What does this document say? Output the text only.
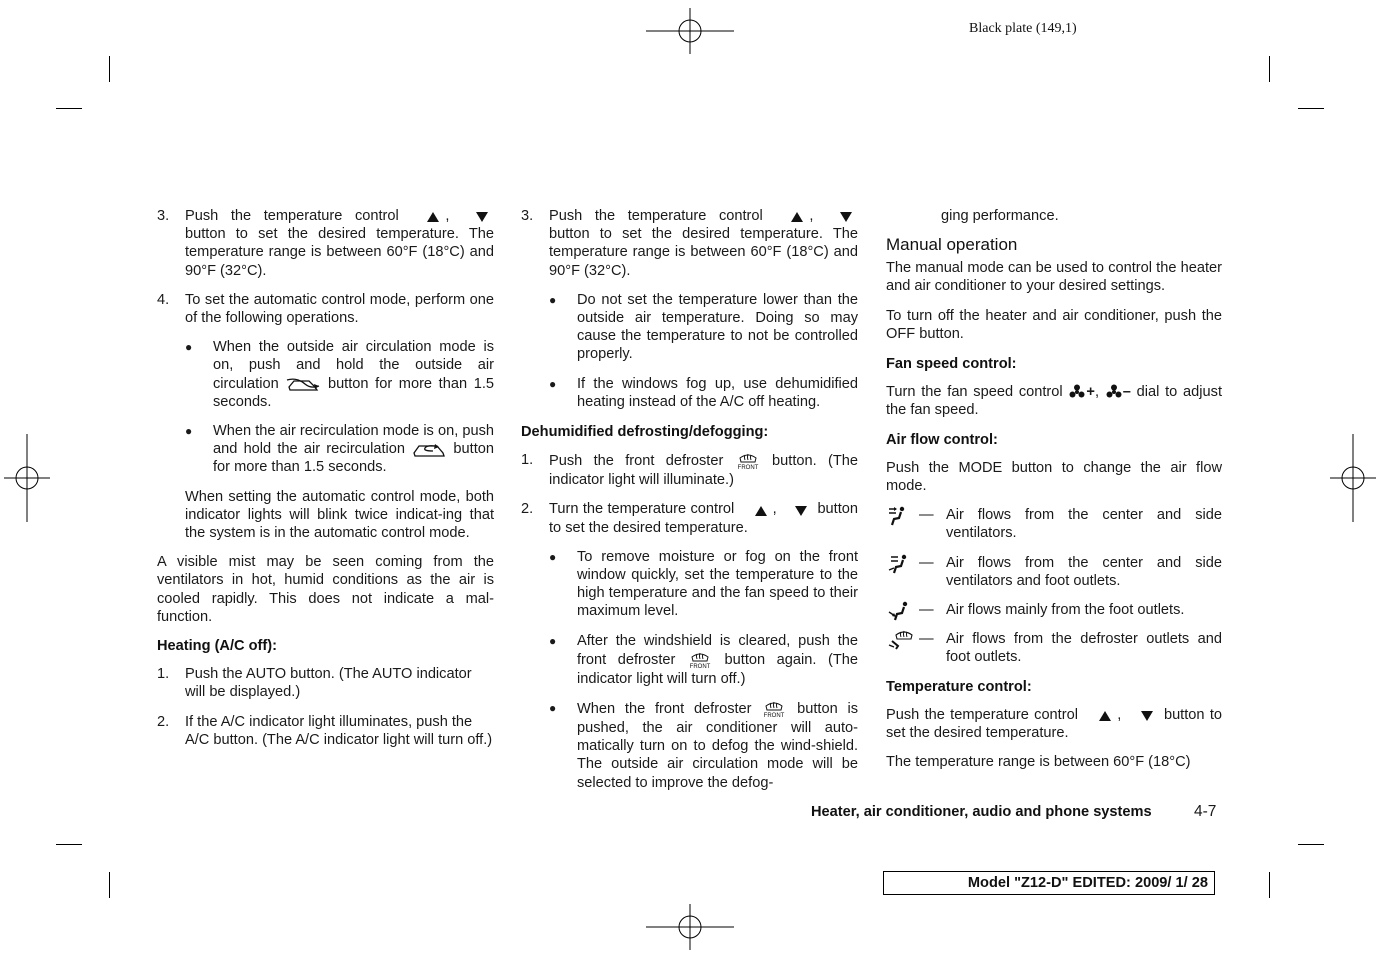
Black plate (149,1)
3. Push the temperature control	,  button to set the desired temperature. The temperature range is between 60°F (18°C) and 90°F (32°C).
4. To set the automatic control mode, perform one of the following operations.
● When the outside air circulation mode is on, push and hold the outside air circulation	button for more than 1.5 seconds.
● When the air recirculation mode is on, push and hold the air recirculation	button for more than 1.5 seconds.
When setting the automatic control mode, both indicator lights will blink twice indicat-ing that the system is in the automatic control mode.
A visible mist may be seen coming from the ventilators in hot, humid conditions as the air is cooled rapidly. This does not indicate a mal-function.
Heating (A/C off):
1. Push the AUTO button. (The AUTO indicator will be displayed.)
2. If the A/C indicator light illuminates, push the A/C button. (The A/C indicator light will turn off.)
3. Push the temperature control	,  button to set the desired temperature. The temperature range is between 60°F (18°C) and 90°F (32°C).
● Do not set the temperature lower than the outside air temperature. Doing so may cause the temperature to not be controlled properly.
● If the windows fog up, use dehumidified heating instead of the A/C off heating.
Dehumidified defrosting/defogging:
1. Push the front defroster FRONT button. (The indicator light will illuminate.)
2. Turn the temperature control	,	button to set the desired temperature.
● To remove moisture or fog on the front window quickly, set the temperature to the high temperature and the fan speed to their maximum level.
● After the windshield is cleared, push the front defroster FRONT button again. (The indicator light will turn off.)
● When the front defroster FRONT button is pushed, the air conditioner will auto-matically turn on to defog the wind-shield. The outside air circulation mode will be selected to improve the defog-
ging performance.
Manual operation
The manual mode can be used to control the heater and air conditioner to your desired settings.
To turn off the heater and air conditioner, push the OFF button.
Fan speed control:
Turn the fan speed control +, – dial to adjust the fan speed.
Air flow control:
Push the MODE button to change the air flow mode.
— Air flows from the center and side ventilators.
— Air flows from the center and side ventilators and foot outlets.
— Air flows mainly from the foot outlets.
— Air flows from the defroster outlets and foot outlets.
Temperature control:
Push the temperature control	,	button to set the desired temperature.
The temperature range is between 60°F (18°C)
Heater, air conditioner, audio and phone systems	4-7
Model "Z12-D" EDITED: 2009/ 1/ 28
